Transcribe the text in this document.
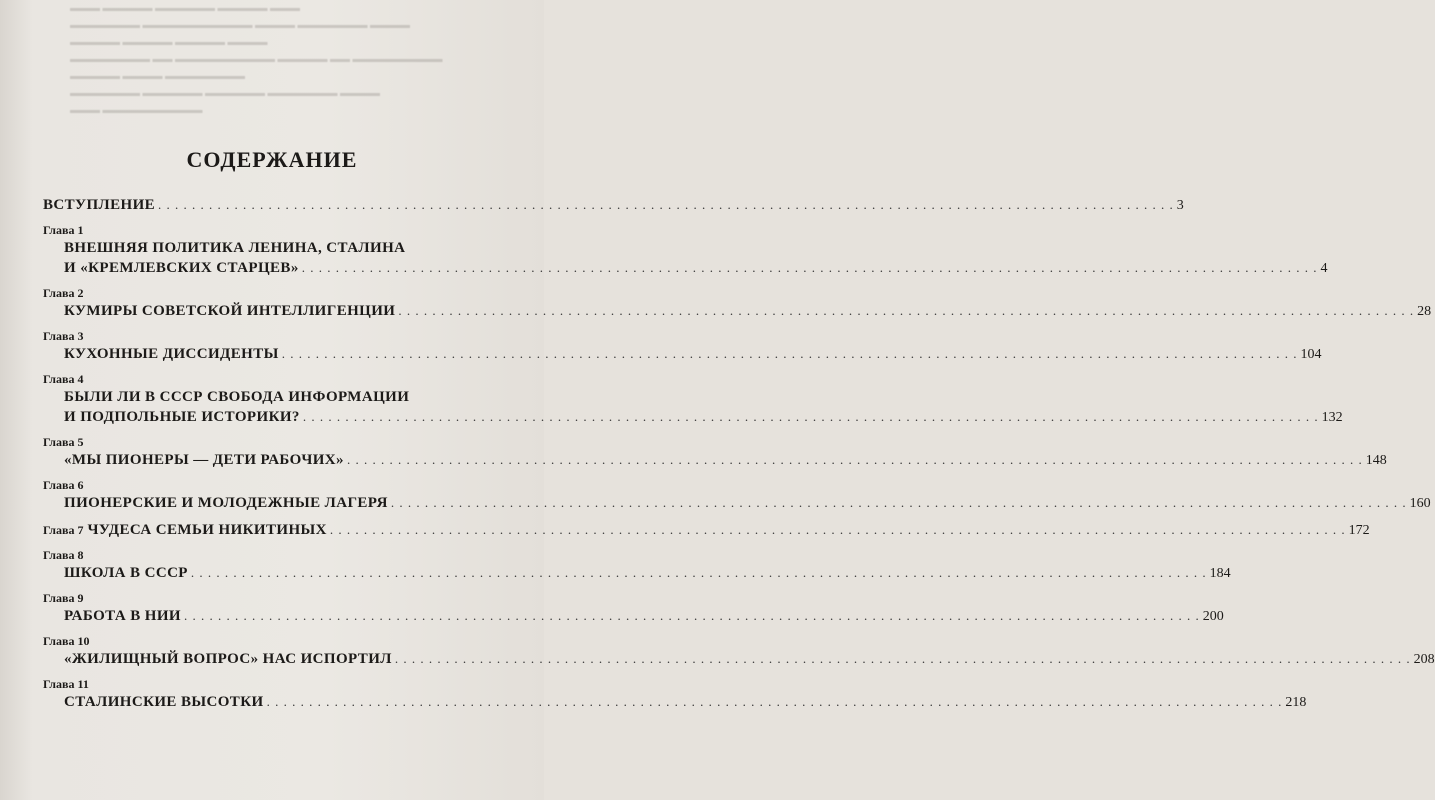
▬▬▬ ▬▬▬▬▬ ▬▬▬▬▬▬ ▬▬▬▬▬ ▬▬▬
▬▬▬▬▬▬▬ ▬▬▬▬▬▬▬▬▬▬▬ ▬▬▬▬ ▬▬▬▬▬▬▬ ▬▬▬▬
▬▬▬▬▬ ▬▬▬▬▬ ▬▬▬▬▬ ▬▬▬▬
▬▬▬▬▬▬▬▬ ▬▬ ▬▬▬▬▬▬▬▬▬▬ ▬▬▬▬▬ ▬▬ ▬▬▬▬▬▬▬▬▬
▬▬▬▬▬ ▬▬▬▬ ▬▬▬▬▬▬▬▬
▬▬▬▬▬▬▬ ▬▬▬▬▬▬ ▬▬▬▬▬▬ ▬▬▬▬▬▬▬ ▬▬▬▬
▬▬▬ ▬▬▬▬▬▬▬▬▬▬
СОДЕРЖАНИЕ
ВСТУПЛЕНИЕ . . . . . . . . . . . . . . . . . . . . . . . . . . . . . . . . . . . . . . . . . . . . . . . . . . . . . . . . . . . . . . . . . . . . . . . . . . . . . . . . . . . . . . . . . . . . . . . . . . . . . . . . . . . . . . . . . . . . . . . . 3
Глава 1
ВНЕШНЯЯ ПОЛИТИКА ЛЕНИНА, СТАЛИНА
И «КРЕМЛЕВСКИХ СТАРЦЕВ» . . . . . . . . . . . . . . . . . . . . . . . . . . . . . . . . . . . . . . . . . . . . . . . . . . . . . . . . . . . . . . . . . . . . . . . . . . . . . . . . . . . . . . . . . . . . . . . . . . . . . . . . . . . . . . . . . . . . . . . . 4
Глава 2
КУМИРЫ СОВЕТСКОЙ ИНТЕЛЛИГЕНЦИИ . . . . . . . . . . . . . . . . . . . . . . . . . . . . . . . . . . . . . . . . . . . . . . . . . . . . . . . . . . . . . . . . . . . . . . . . . . . . . . . . . . . . . . . . . . . . . . . . . . . . . . . . . . . . . . . . . . . . . . . . 28
Глава 3
КУХОННЫЕ ДИССИДЕНТЫ . . . . . . . . . . . . . . . . . . . . . . . . . . . . . . . . . . . . . . . . . . . . . . . . . . . . . . . . . . . . . . . . . . . . . . . . . . . . . . . . . . . . . . . . . . . . . . . . . . . . . . . . . . . . . . . . . . . . . . . . 104
Глава 4
БЫЛИ ЛИ В СССР СВОБОДА ИНФОРМАЦИИ
И ПОДПОЛЬНЫЕ ИСТОРИКИ? . . . . . . . . . . . . . . . . . . . . . . . . . . . . . . . . . . . . . . . . . . . . . . . . . . . . . . . . . . . . . . . . . . . . . . . . . . . . . . . . . . . . . . . . . . . . . . . . . . . . . . . . . . . . . . . . . . . . . . . . 132
Глава 5
«МЫ ПИОНЕРЫ — ДЕТИ РАБОЧИХ» . . . . . . . . . . . . . . . . . . . . . . . . . . . . . . . . . . . . . . . . . . . . . . . . . . . . . . . . . . . . . . . . . . . . . . . . . . . . . . . . . . . . . . . . . . . . . . . . . . . . . . . . . . . . . . . . . . . . . . . . 148
Глава 6
ПИОНЕРСКИЕ И МОЛОДЕЖНЫЕ ЛАГЕРЯ . . . . . . . . . . . . . . . . . . . . . . . . . . . . . . . . . . . . . . . . . . . . . . . . . . . . . . . . . . . . . . . . . . . . . . . . . . . . . . . . . . . . . . . . . . . . . . . . . . . . . . . . . . . . . . . . . . . . . . . . 160
Глава 7 ЧУДЕСА СЕМЬИ НИКИТИНЫХ . . . . . . . . . . . . . . . . . . . . . . . . . . . . . . . . . . . . . . . . . . . . . . . . . . . . . . . . . . . . . . . . . . . . . . . . . . . . . . . . . . . . . . . . . . . . . . . . . . . . . . . . . . . . . . . . . . . . . . . . 172
Глава 8
ШКОЛА В СССР . . . . . . . . . . . . . . . . . . . . . . . . . . . . . . . . . . . . . . . . . . . . . . . . . . . . . . . . . . . . . . . . . . . . . . . . . . . . . . . . . . . . . . . . . . . . . . . . . . . . . . . . . . . . . . . . . . . . . . . . 184
Глава 9
РАБОТА В НИИ . . . . . . . . . . . . . . . . . . . . . . . . . . . . . . . . . . . . . . . . . . . . . . . . . . . . . . . . . . . . . . . . . . . . . . . . . . . . . . . . . . . . . . . . . . . . . . . . . . . . . . . . . . . . . . . . . . . . . . . . 200
Глава 10
«ЖИЛИЩНЫЙ ВОПРОС» НАС ИСПОРТИЛ . . . . . . . . . . . . . . . . . . . . . . . . . . . . . . . . . . . . . . . . . . . . . . . . . . . . . . . . . . . . . . . . . . . . . . . . . . . . . . . . . . . . . . . . . . . . . . . . . . . . . . . . . . . . . . . . . . . . . . . . 208
Глава 11
СТАЛИНСКИЕ ВЫСОТКИ . . . . . . . . . . . . . . . . . . . . . . . . . . . . . . . . . . . . . . . . . . . . . . . . . . . . . . . . . . . . . . . . . . . . . . . . . . . . . . . . . . . . . . . . . . . . . . . . . . . . . . . . . . . . . . . . . . . . . . . . 218
